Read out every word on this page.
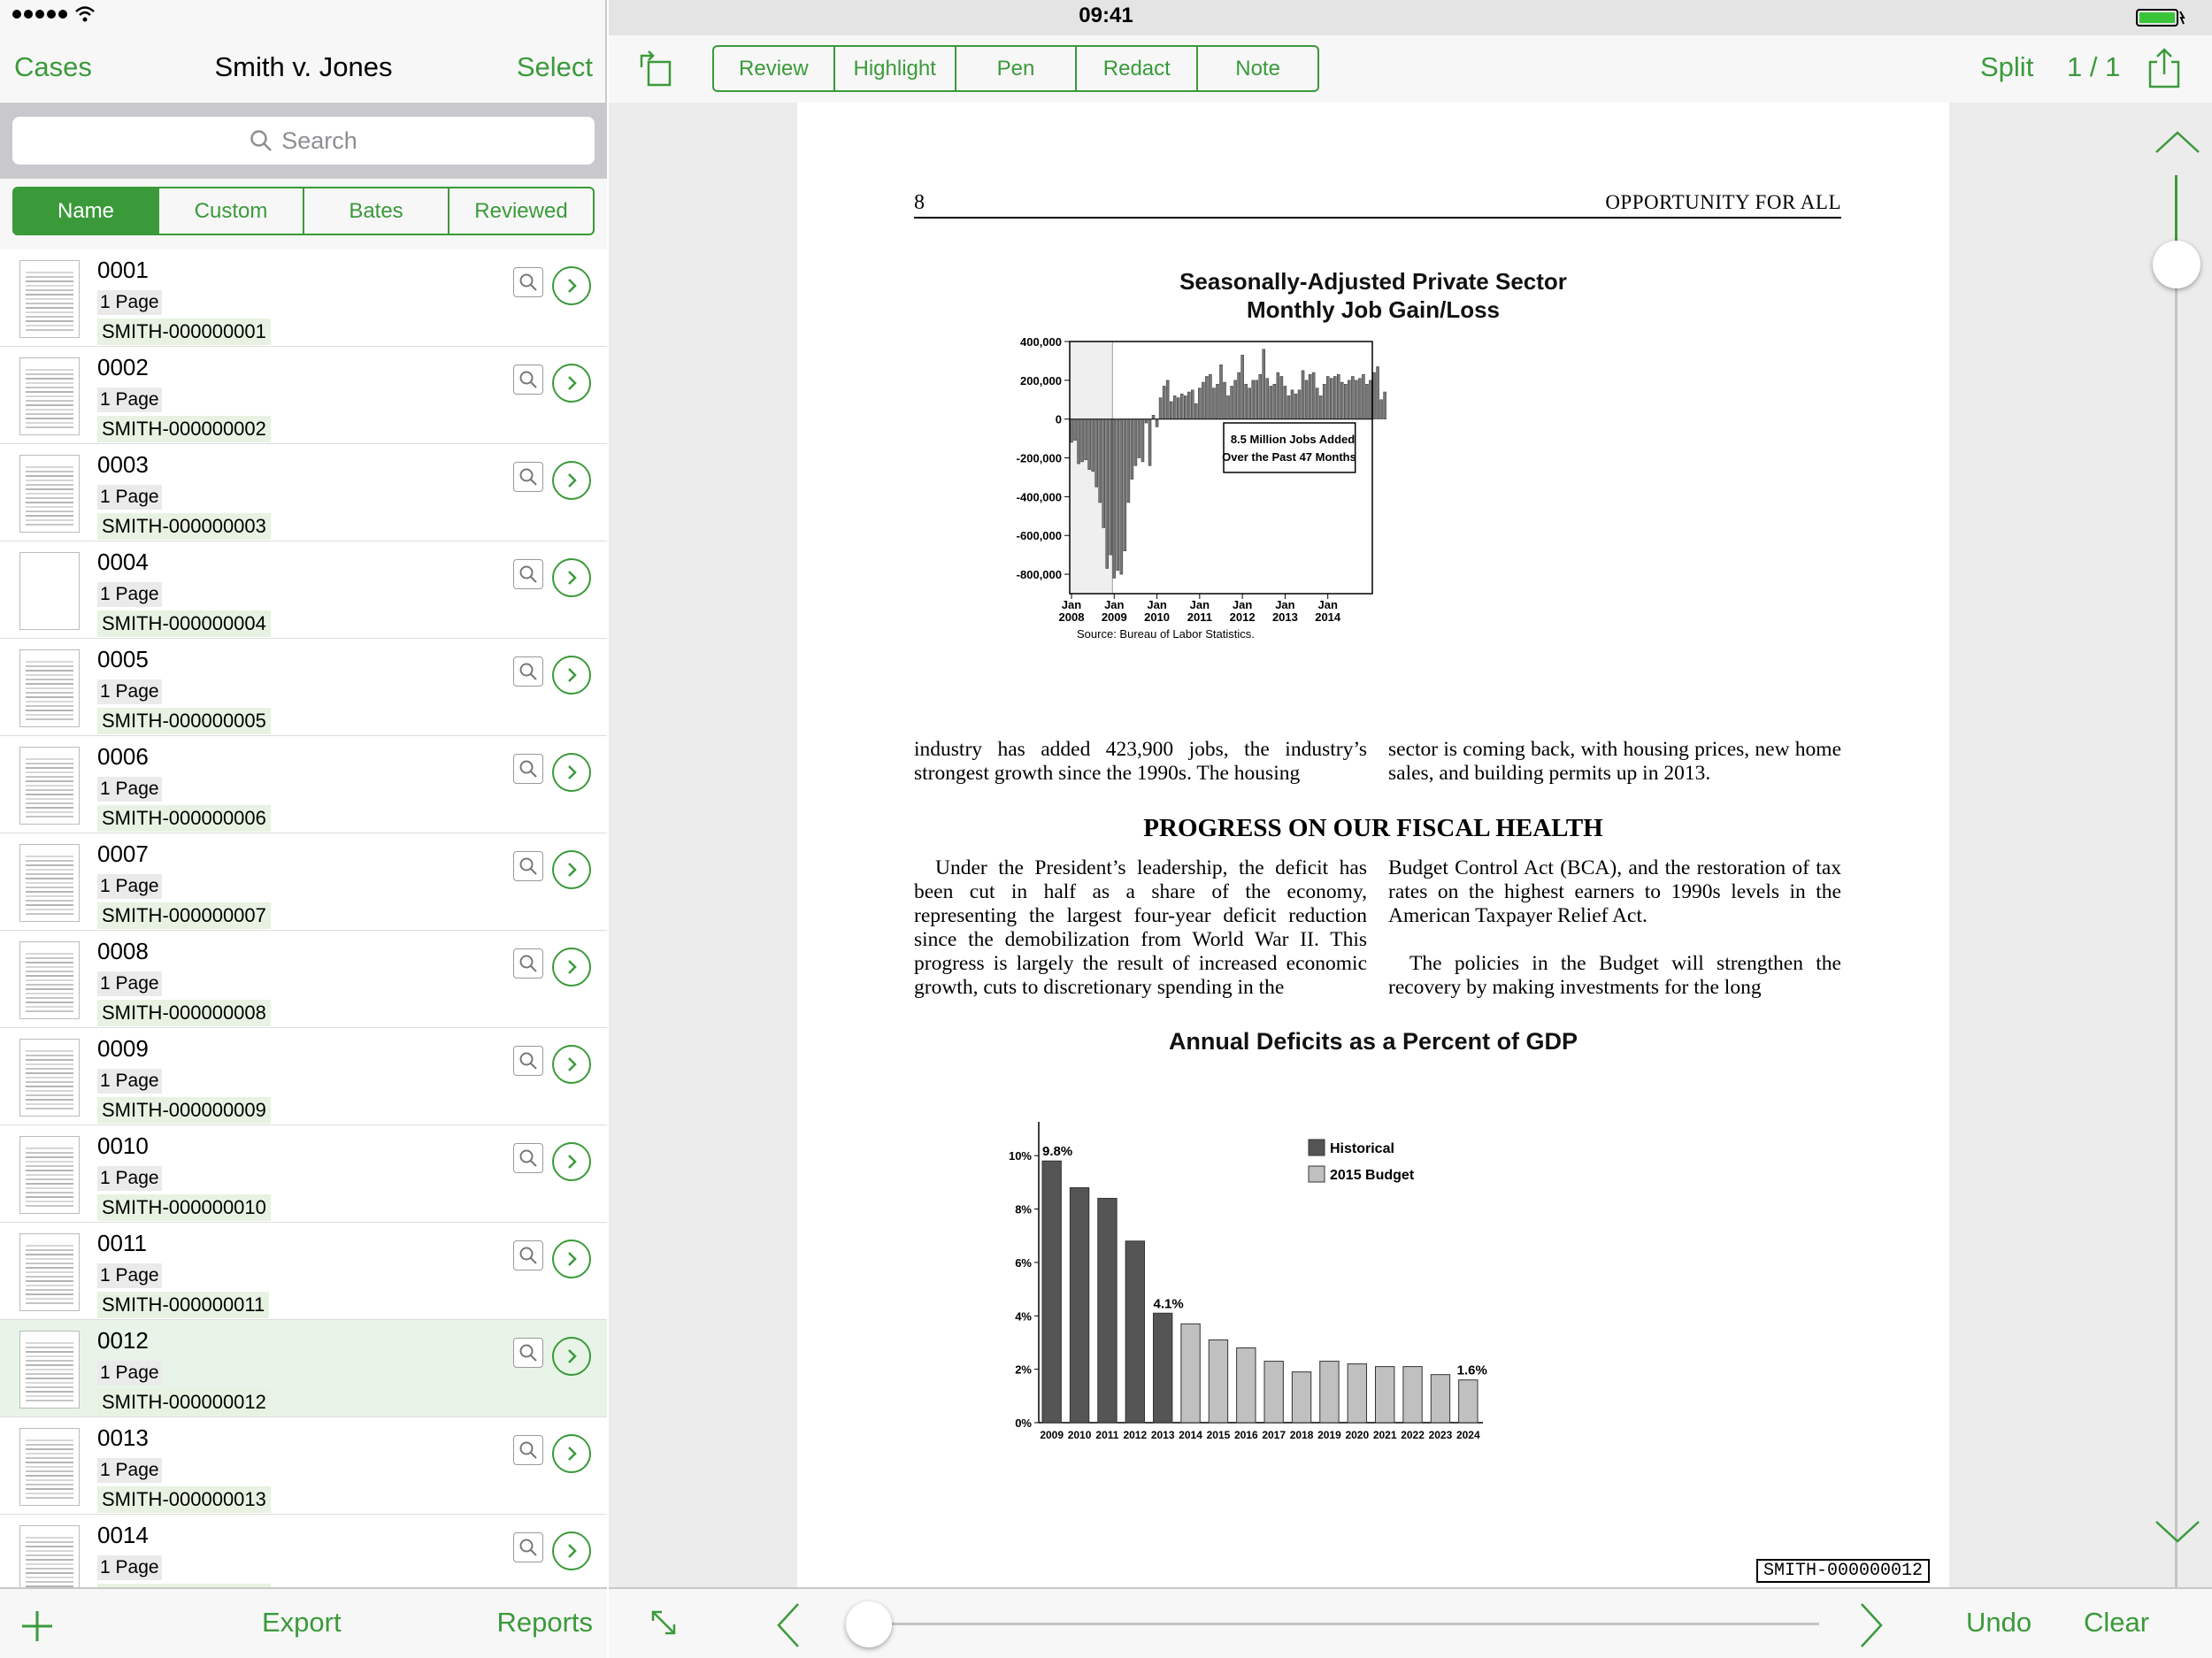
Cases	Smith v. Jones	Select
Search
Name	Custom	Bates	Reviewed
0001
1 Page
SMITH-000000001
0002
1 Page
SMITH-000000002
0003
1 Page
SMITH-000000003
0004
1 Page
SMITH-000000004
0005
1 Page
SMITH-000000005
0006
1 Page
SMITH-000000006
0007
1 Page
SMITH-000000007
0008
1 Page
SMITH-000000008
0009
1 Page
SMITH-000000009
0010
1 Page
SMITH-000000010
0011
1 Page
SMITH-000000011
0012
1 Page
SMITH-000000012
0013
1 Page
SMITH-000000013
0014
1 Page
Export	Reports
Review	Highlight	Pen	Redact	Note	Split 1 / 1
8	OPPORTUNITY FOR ALL
Seasonally-Adjusted Private Sector
Monthly Job Gain/Loss
400,000
200,000
0
-200,000
-400,000
-600,000
-800,000
Jan
2008
Jan
2009
Jan
2010
Jan
2011
Jan
2012
Jan
2013
Jan
2014
8.5 Million Jobs Added
Over the Past 47 Months
Source: Bureau of Labor Statistics.
industry has added 423,900 jobs, the industry’s strongest growth since the 1990s. The housing
sector is coming back, with housing prices, new home sales, and building permits up in 2013.
PROGRESS ON OUR FISCAL HEALTH
Under the President’s leadership, the deficit has been cut in half as a share of the economy, representing the largest four-year deficit reduction since the demobilization from World War II. This progress is largely the result of increased economic growth, cuts to discretionary spending in the
Budget Control Act (BCA), and the restoration of tax rates on the highest earners to 1990s levels in the American Taxpayer Relief Act.
The policies in the Budget will strengthen the recovery by making investments for the long
Annual Deficits as a Percent of GDP
0%
2%
4%
6%
8%
10%
2009 2010 2011 2012 2013 2014 2015 2016 2017 2018 2019 2020 2021 2022 2023 2024
9.8%
4.1%
1.6%
Historical
2015 Budget
SMITH-000000012
Undo Clear
09:41
